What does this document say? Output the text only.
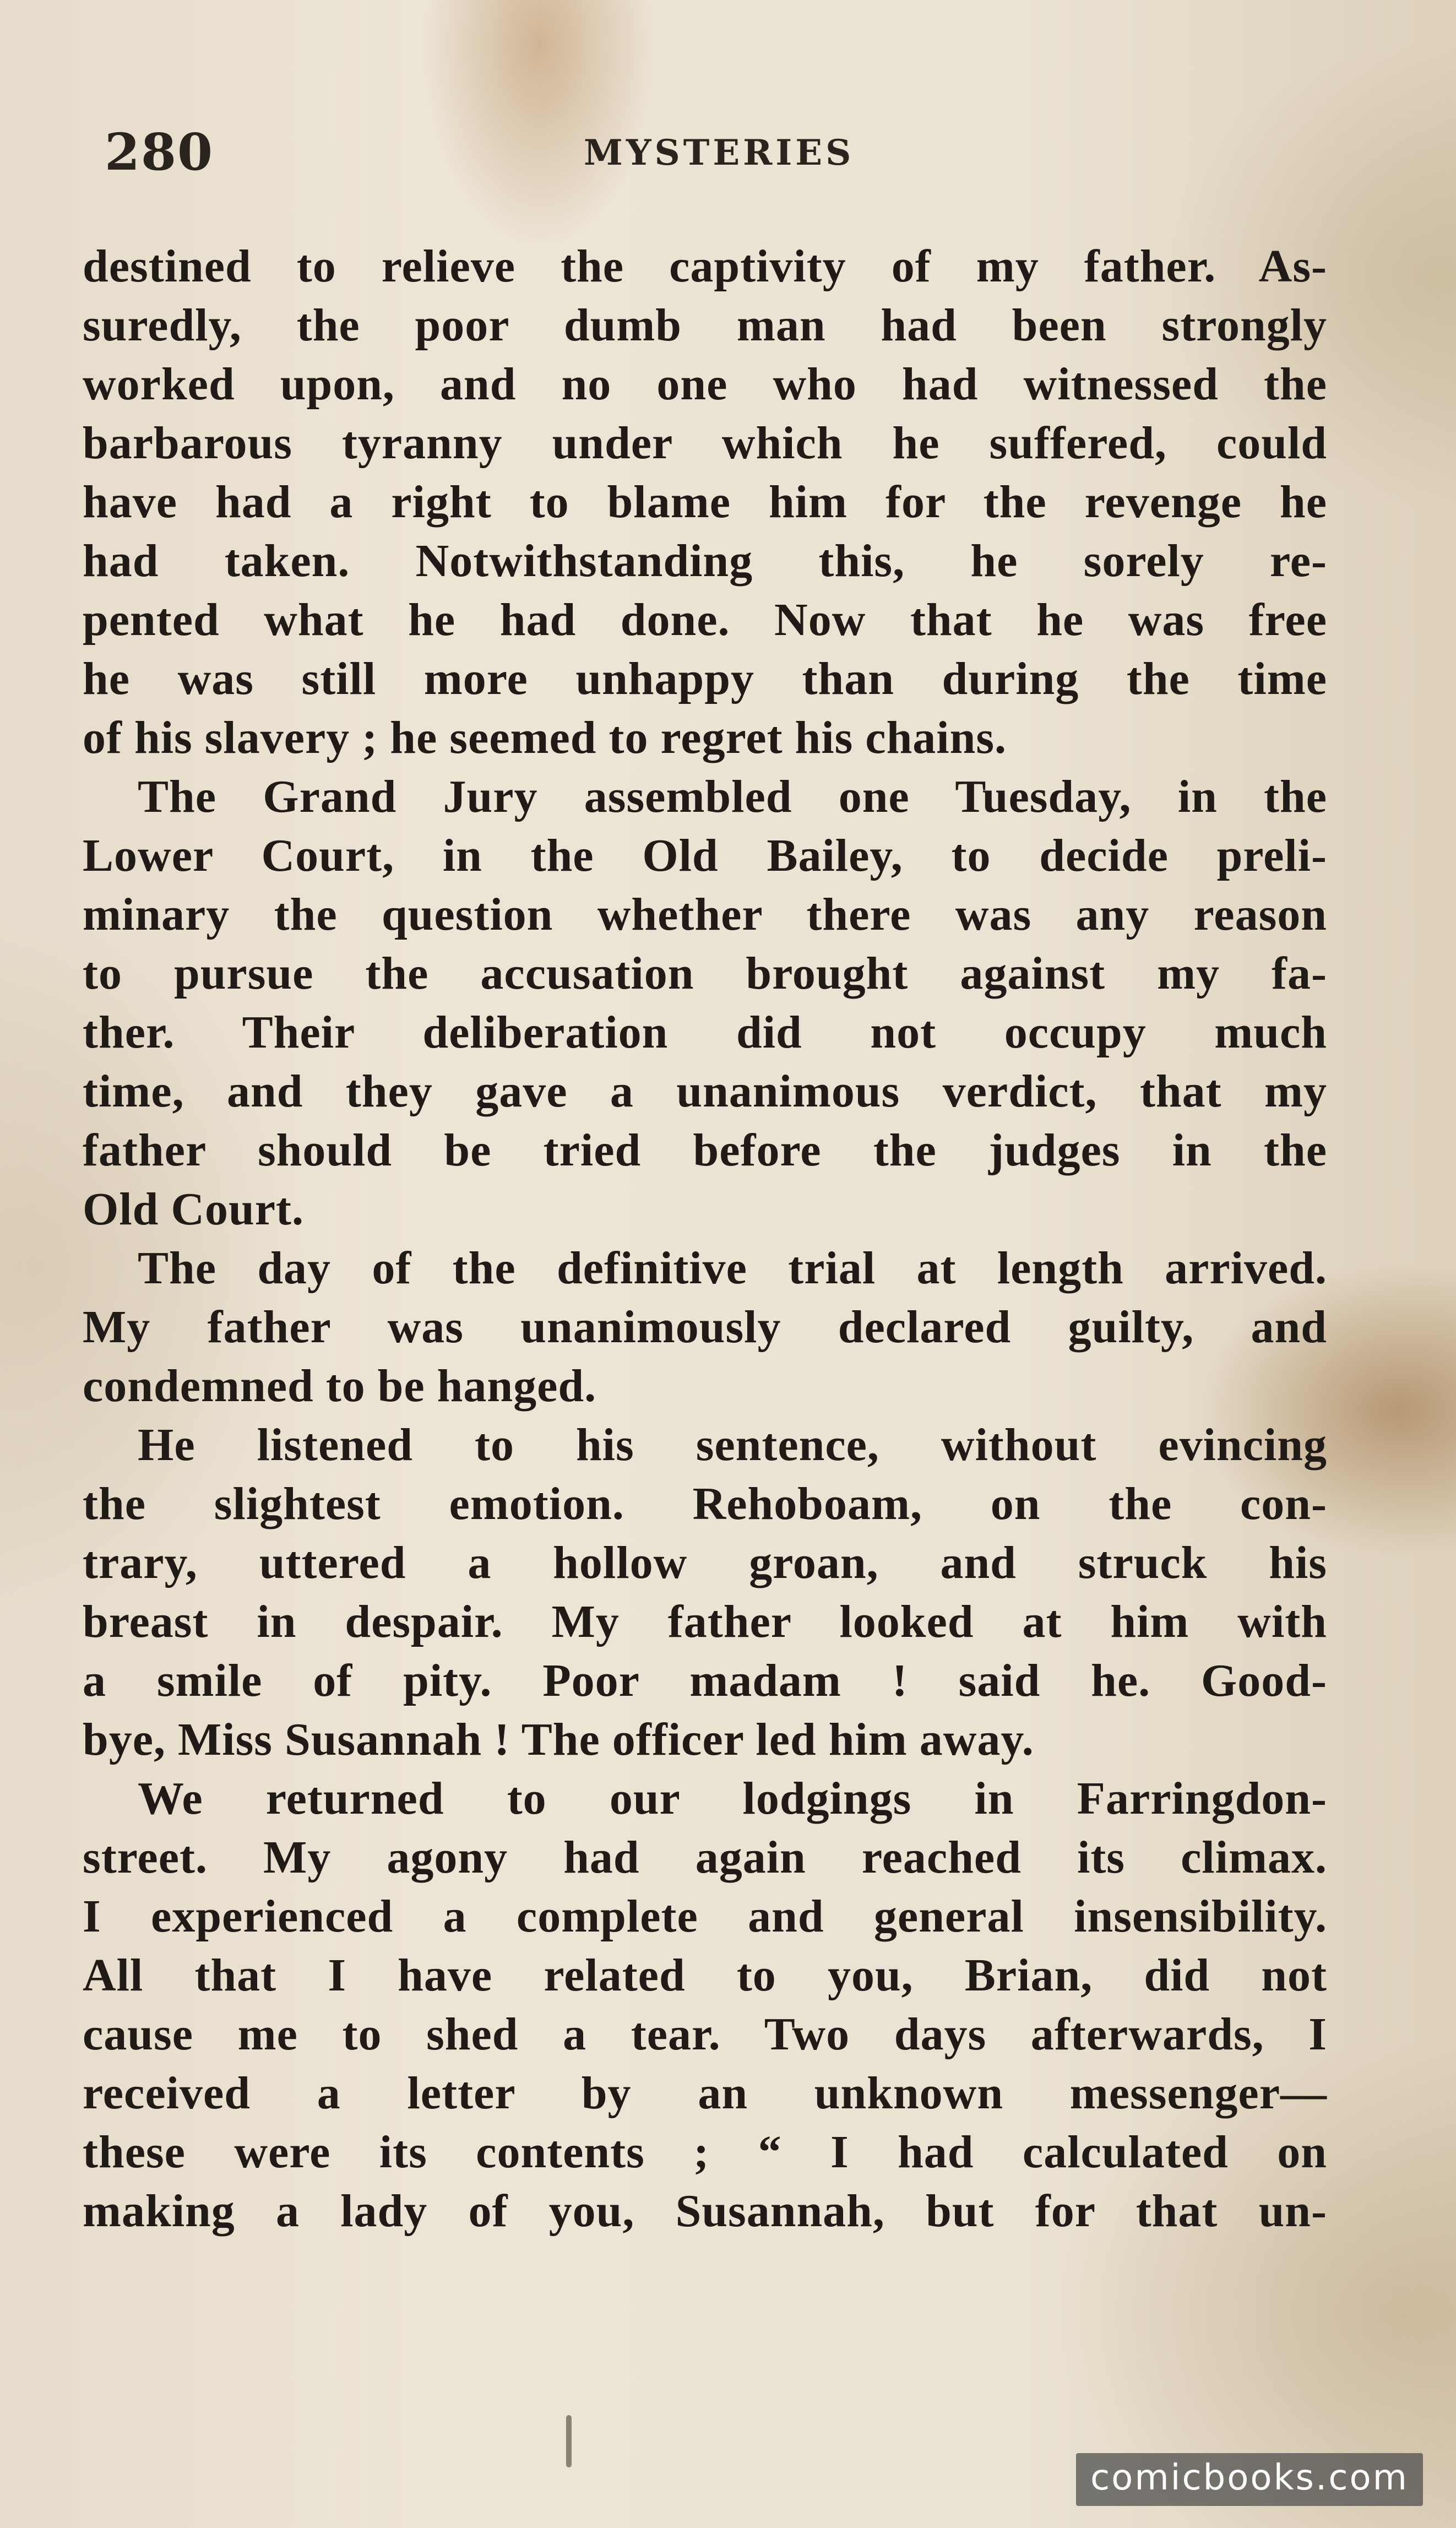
280	MYSTERIES
destined to relieve the captivity of my father. As-
suredly, the poor dumb man had been strongly
worked upon, and no one who had witnessed the
barbarous tyranny under which he suffered, could
have had a right to blame him for the revenge he
had taken. Notwithstanding this, he sorely re-
pented what he had done. Now that he was free
he was still more unhappy than during the time
of his slavery ; he seemed to regret his chains.
The Grand Jury assembled one Tuesday, in the
Lower Court, in the Old Bailey, to decide preli-
minary the question whether there was any reason
to pursue the accusation brought against my fa-
ther. Their deliberation did not occupy much
time, and they gave a unanimous verdict, that my
father should be tried before the judges in the
Old Court.
The day of the definitive trial at length arrived.
My father was unanimously declared guilty, and
condemned to be hanged.
He listened to his sentence, without evincing
the slightest emotion. Rehoboam, on the con-
trary, uttered a hollow groan, and struck his
breast in despair. My father looked at him with
a smile of pity. Poor madam ! said he. Good-
bye, Miss Susannah ! The officer led him away.
We returned to our lodgings in Farringdon-
street. My agony had again reached its climax.
I experienced a complete and general insensibility.
All that I have related to you, Brian, did not
cause me to shed a tear. Two days afterwards, I
received a letter by an unknown messenger—
these were its contents ; “ I had calculated on
making a lady of you, Susannah, but for that un-
comicbooks.com
